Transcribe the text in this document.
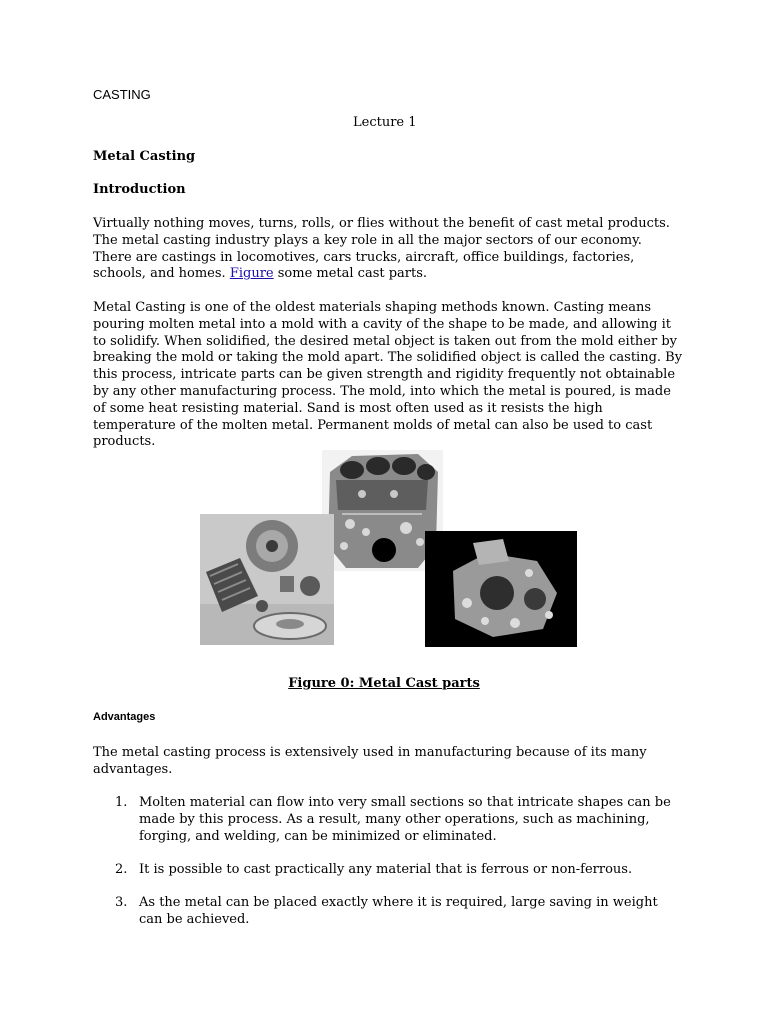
CASTING
Lecture 1
Metal Casting
Introduction

Virtually nothing moves, turns, rolls, or flies without the benefit of cast metal products. The metal casting industry plays a key role in all the major sectors of our economy. There are castings in locomotives, cars trucks, aircraft, office buildings, factories, schools, and homes. Figure some metal cast parts.

Metal Casting is one of the oldest materials shaping methods known. Casting means pouring molten metal into a mold with a cavity of the shape to be made, and allowing it to solidify. When solidified, the desired metal object is taken out from the mold either by breaking the mold or taking the mold apart. The solidified object is called the casting. By this process, intricate parts can be given strength and rigidity frequently not obtainable by any other manufacturing process. The mold, into which the metal is poured, is made of some heat resisting material. Sand is most often used as it resists the high temperature of the molten metal. Permanent molds of metal can also be used to cast products.

Figure 0: Metal Cast parts
Advantages

The metal casting process is extensively used in manufacturing because of its many advantages.

1. Molten material can flow into very small sections so that intricate shapes can be made by this process. As a result, many other operations, such as machining, forging, and welding, can be minimized or eliminated.
2. It is possible to cast practically any material that is ferrous or non-ferrous.
3. As the metal can be placed exactly where it is required, large saving in weight can be achieved.
